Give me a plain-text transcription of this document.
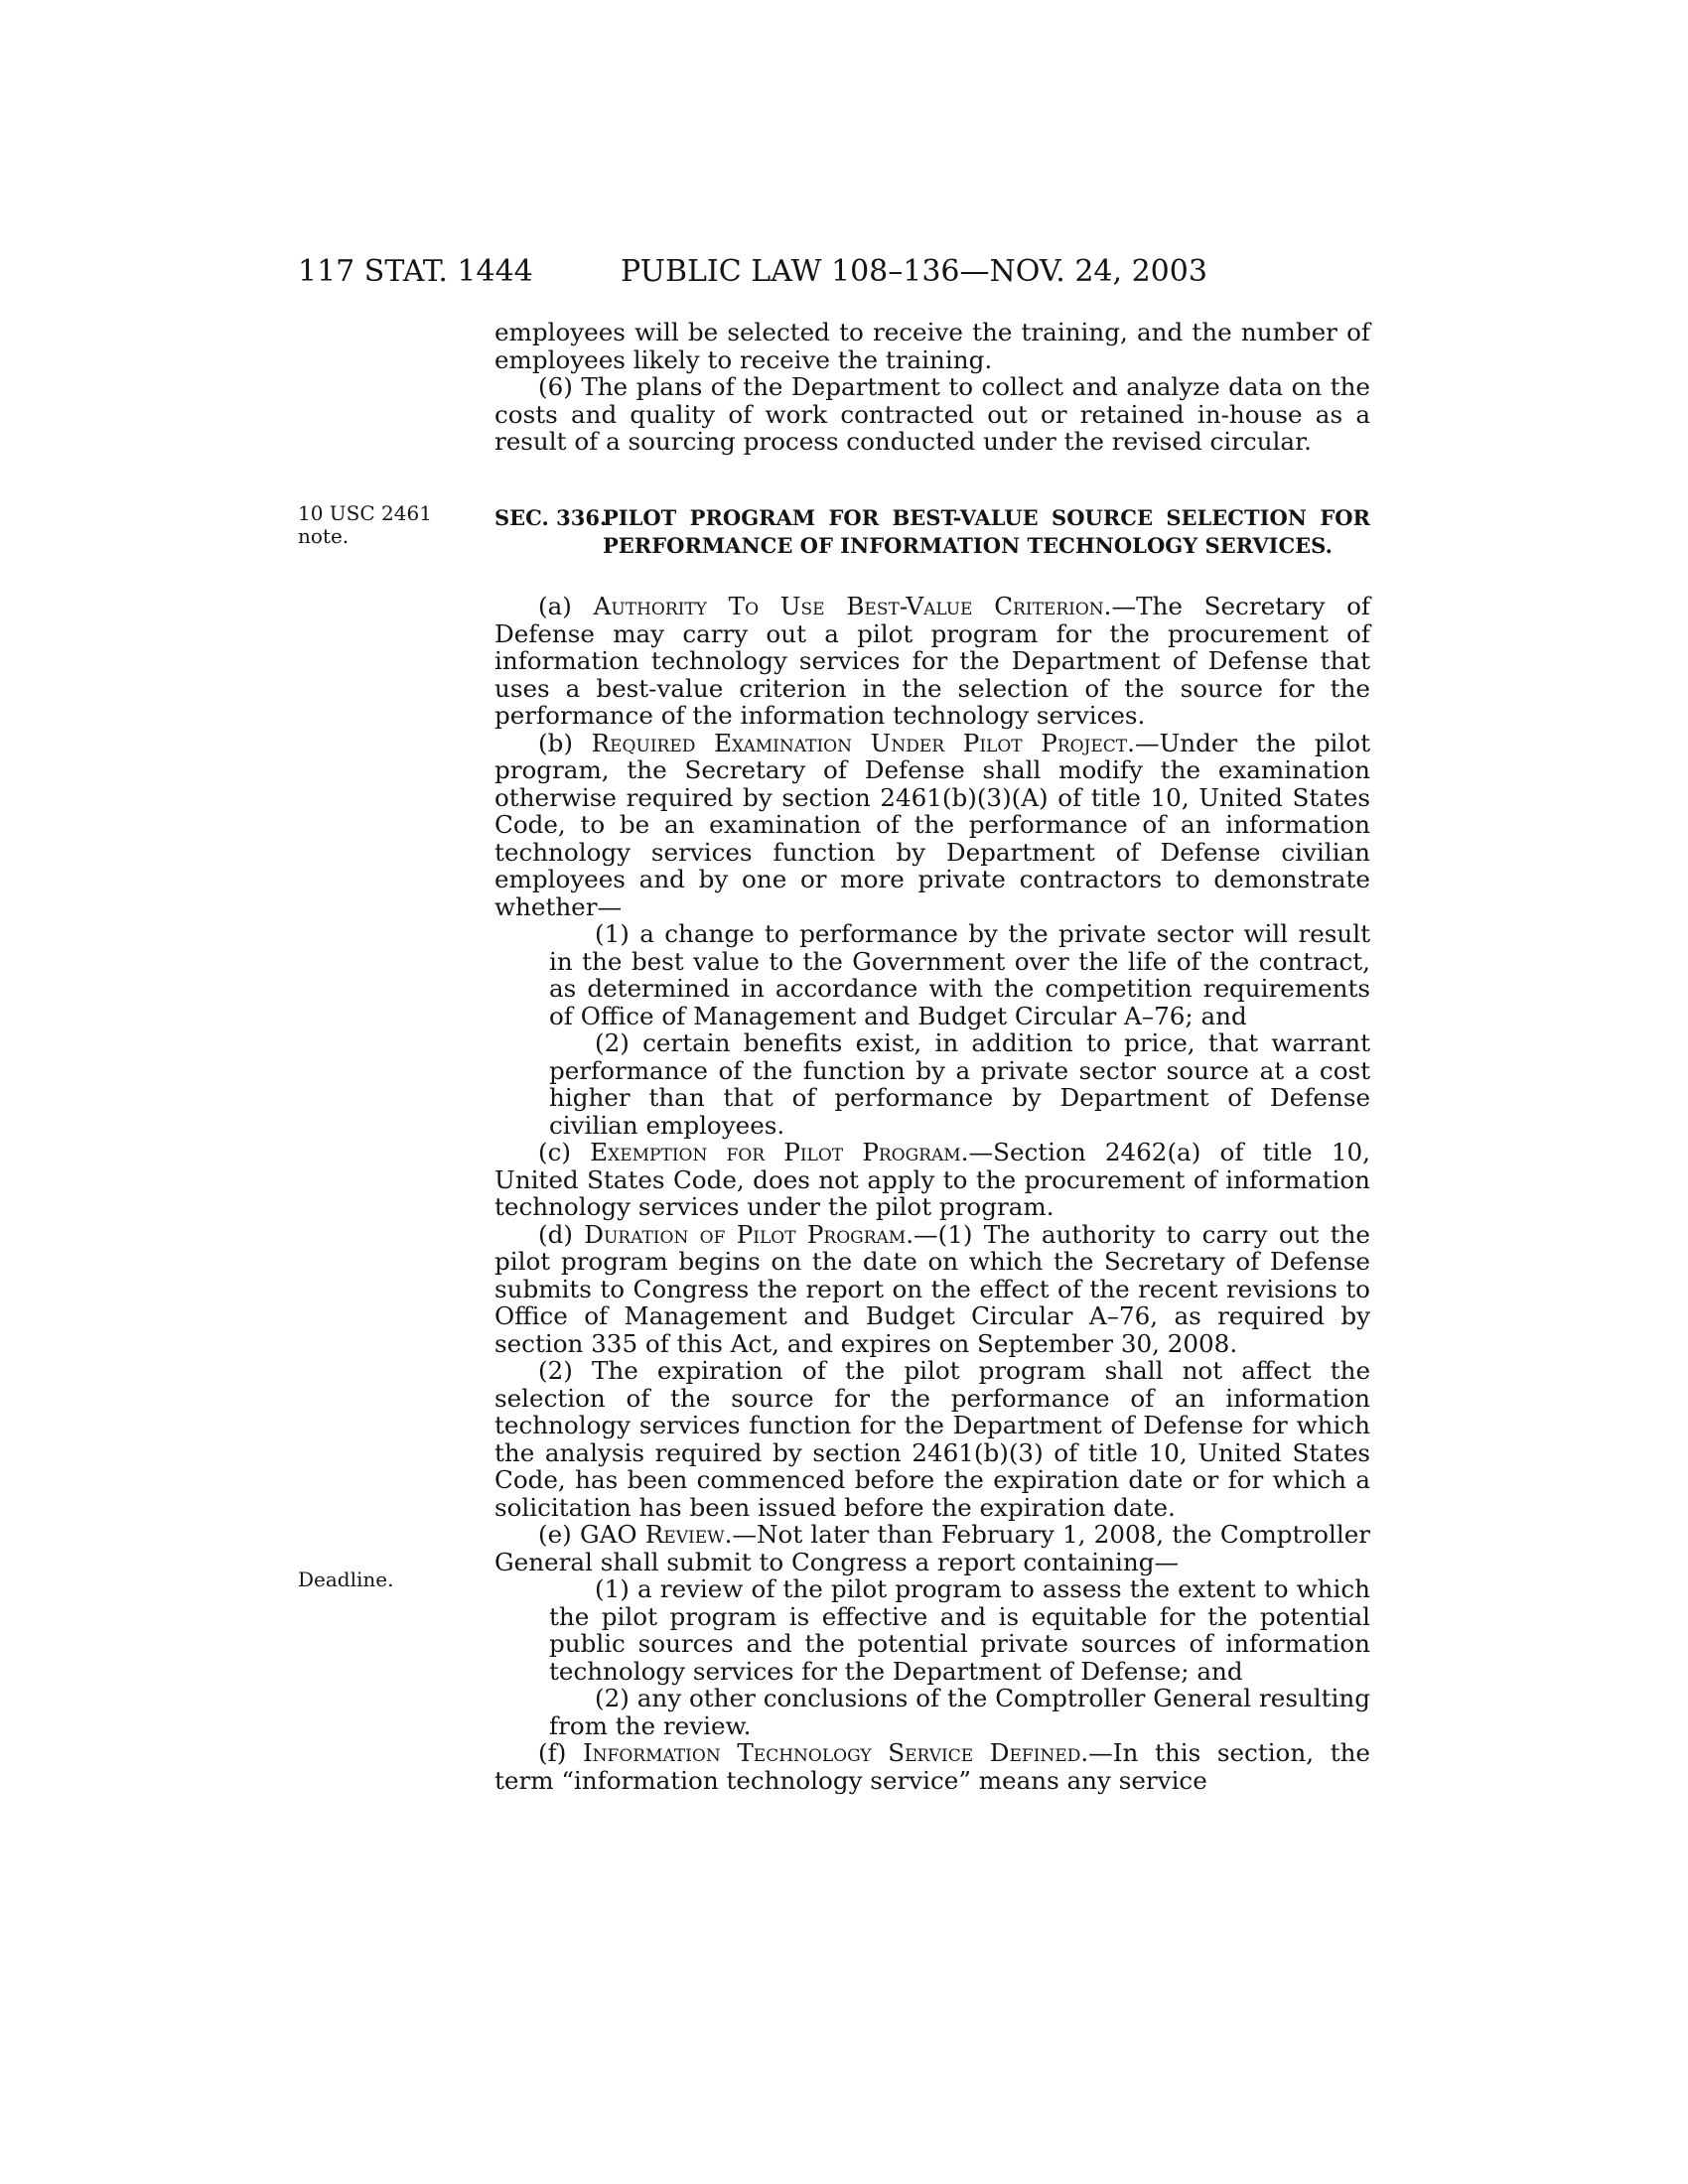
117 STAT. 1444	PUBLIC LAW 108–136—NOV. 24, 2003
10 USC 2461
note.
Deadline.

employees will be selected to receive the training, and the number of employees likely to receive the training.

(6) The plans of the Department to collect and analyze data on the costs and quality of work contracted out or retained in-house as a result of a sourcing process conducted under the revised circular.

SEC. 336.
PILOT PROGRAM FOR BEST-VALUE SOURCE SELECTION FOR PERFORMANCE OF INFORMATION TECHNOLOGY SERVICES.

(a) Authority To Use Best-Value Criterion.—The Secretary of Defense may carry out a pilot program for the procurement of information technology services for the Department of Defense that uses a best-value criterion in the selection of the source for the performance of the information technology services.

(b) Required Examination Under Pilot Project.—Under the pilot program, the Secretary of Defense shall modify the examination otherwise required by section 2461(b)(3)(A) of title 10, United States Code, to be an examination of the performance of an information technology services function by Department of Defense civilian employees and by one or more private contractors to demonstrate whether—

(1) a change to performance by the private sector will result in the best value to the Government over the life of the contract, as determined in accordance with the competition requirements of Office of Management and Budget Circular A–76; and

(2) certain benefits exist, in addition to price, that warrant performance of the function by a private sector source at a cost higher than that of performance by Department of Defense civilian employees.

(c) Exemption for Pilot Program.—Section 2462(a) of title 10, United States Code, does not apply to the procurement of information technology services under the pilot program.

(d) Duration of Pilot Program.—(1) The authority to carry out the pilot program begins on the date on which the Secretary of Defense submits to Congress the report on the effect of the recent revisions to Office of Management and Budget Circular A–76, as required by section 335 of this Act, and expires on September 30, 2008.

(2) The expiration of the pilot program shall not affect the selection of the source for the performance of an information technology services function for the Department of Defense for which the analysis required by section 2461(b)(3) of title 10, United States Code, has been commenced before the expiration date or for which a solicitation has been issued before the expiration date.

(e) GAO Review.—Not later than February 1, 2008, the Comptroller General shall submit to Congress a report containing—

(1) a review of the pilot program to assess the extent to which the pilot program is effective and is equitable for the potential public sources and the potential private sources of information technology services for the Department of Defense; and

(2) any other conclusions of the Comptroller General resulting from the review.

(f) Information Technology Service Defined.—In this section, the term “information technology service” means any service
